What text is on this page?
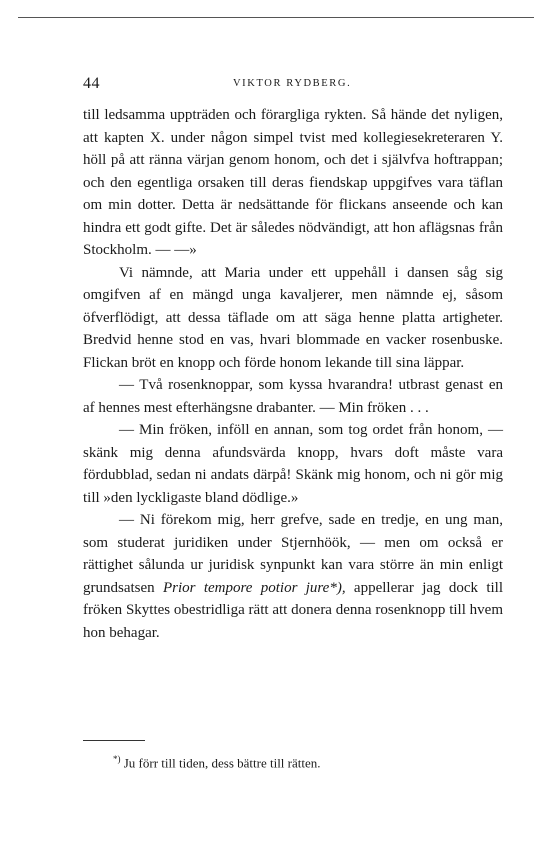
44	VIKTOR RYDBERG.

till ledsamma uppträden och förargliga rykten. Så hände det nyligen, att kapten X. under någon simpel tvist med kollegiesekreteraren Y. höll på att ränna värjan genom honom, och det i självfva hoftrappan; och den egentliga orsaken till deras fiendskap uppgifves vara täflan om min dotter. Detta är nedsättande för flickans anseende och kan hindra ett godt gifte. Det är således nödvändigt, att hon aflägsnas från Stockholm. — —»

Vi nämnde, att Maria under ett uppehåll i dansen såg sig omgifven af en mängd unga kavaljerer, men nämnde ej, såsom öfverflödigt, att dessa täflade om att säga henne platta artigheter. Bredvid henne stod en vas, hvari blommade en vacker rosenbuske. Flickan bröt en knopp och förde honom lekande till sina läppar.

— Två rosenknoppar, som kyssa hvarandra! utbrast genast en af hennes mest efterhängsne drabanter. — Min fröken . . .

— Min fröken, inföll en annan, som tog ordet från honom, — skänk mig denna afundsvärda knopp, hvars doft måste vara fördubblad, sedan ni andats därpå! Skänk mig honom, och ni gör mig till »den lyckligaste bland dödlige.»

— Ni förekom mig, herr grefve, sade en tredje, en ung man, som studerat juridiken under Stjernhöök, — men om också er rättighet sålunda ur juridisk synpunkt kan vara större än min enligt grundsatsen Prior tempore potior jure*), appellerar jag dock till fröken Skyttes obestridliga rätt att donera denna rosenknopp till hvem hon behagar.

*) Ju förr till tiden, dess bättre till rätten.
